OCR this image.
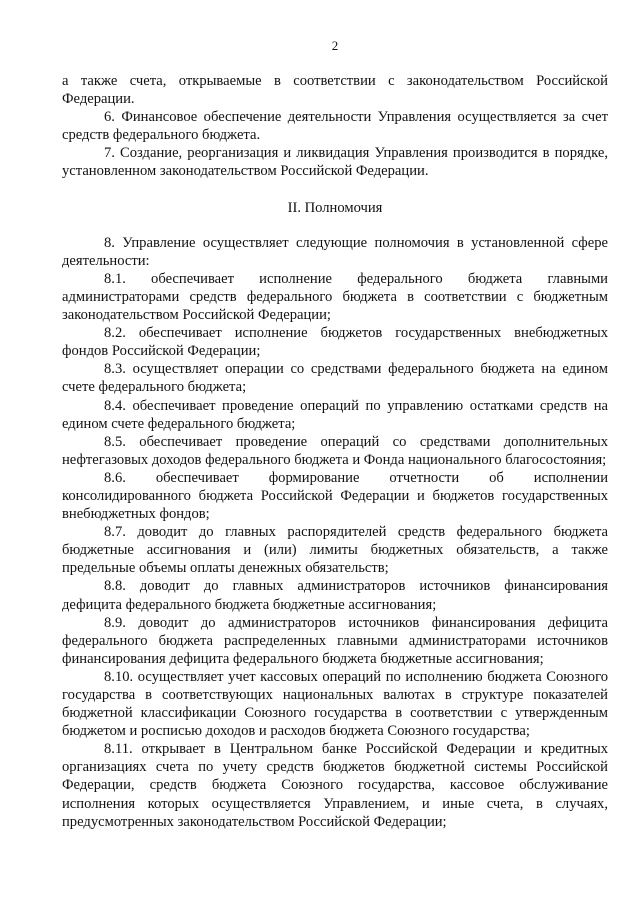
2

а также счета, открываемые в соответствии с законодательством Российской Федерации.

6. Финансовое обеспечение деятельности Управления осуществляется за счет средств федерального бюджета.

7. Создание, реорганизация и ликвидация Управления производится в порядке, установленном законодательством Российской Федерации.

II. Полномочия

8. Управление осуществляет следующие полномочия в установленной сфере деятельности:

8.1. обеспечивает исполнение федерального бюджета главными администраторами средств федерального бюджета в соответствии с бюджетным законодательством Российской Федерации;

8.2. обеспечивает исполнение бюджетов государственных внебюджетных фондов Российской Федерации;

8.3. осуществляет операции со средствами федерального бюджета на едином счете федерального бюджета;

8.4. обеспечивает проведение операций по управлению остатками средств на едином счете федерального бюджета;

8.5. обеспечивает проведение операций со средствами дополнительных нефтегазовых доходов федерального бюджета и Фонда национального благосостояния;

8.6. обеспечивает формирование отчетности об исполнении консолидированного бюджета Российской Федерации и бюджетов государственных внебюджетных фондов;

8.7. доводит до главных распорядителей средств федерального бюджета бюджетные ассигнования и (или) лимиты бюджетных обязательств, а также предельные объемы оплаты денежных обязательств;

8.8. доводит до главных администраторов источников финансирования дефицита федерального бюджета бюджетные ассигнования;

8.9. доводит до администраторов источников финансирования дефицита федерального бюджета распределенных главными администраторами источников финансирования дефицита федерального бюджета бюджетные ассигнования;

8.10. осуществляет учет кассовых операций по исполнению бюджета Союзного государства в соответствующих национальных валютах в структуре показателей бюджетной классификации Союзного государства в соответствии с утвержденным бюджетом и росписью доходов и расходов бюджета Союзного государства;

8.11. открывает в Центральном банке Российской Федерации и кредитных организациях счета по учету средств бюджетов бюджетной системы Российской Федерации, средств бюджета Союзного государства, кассовое обслуживание исполнения которых осуществляется Управлением, и иные счета, в случаях, предусмотренных законодательством Российской Федерации;
